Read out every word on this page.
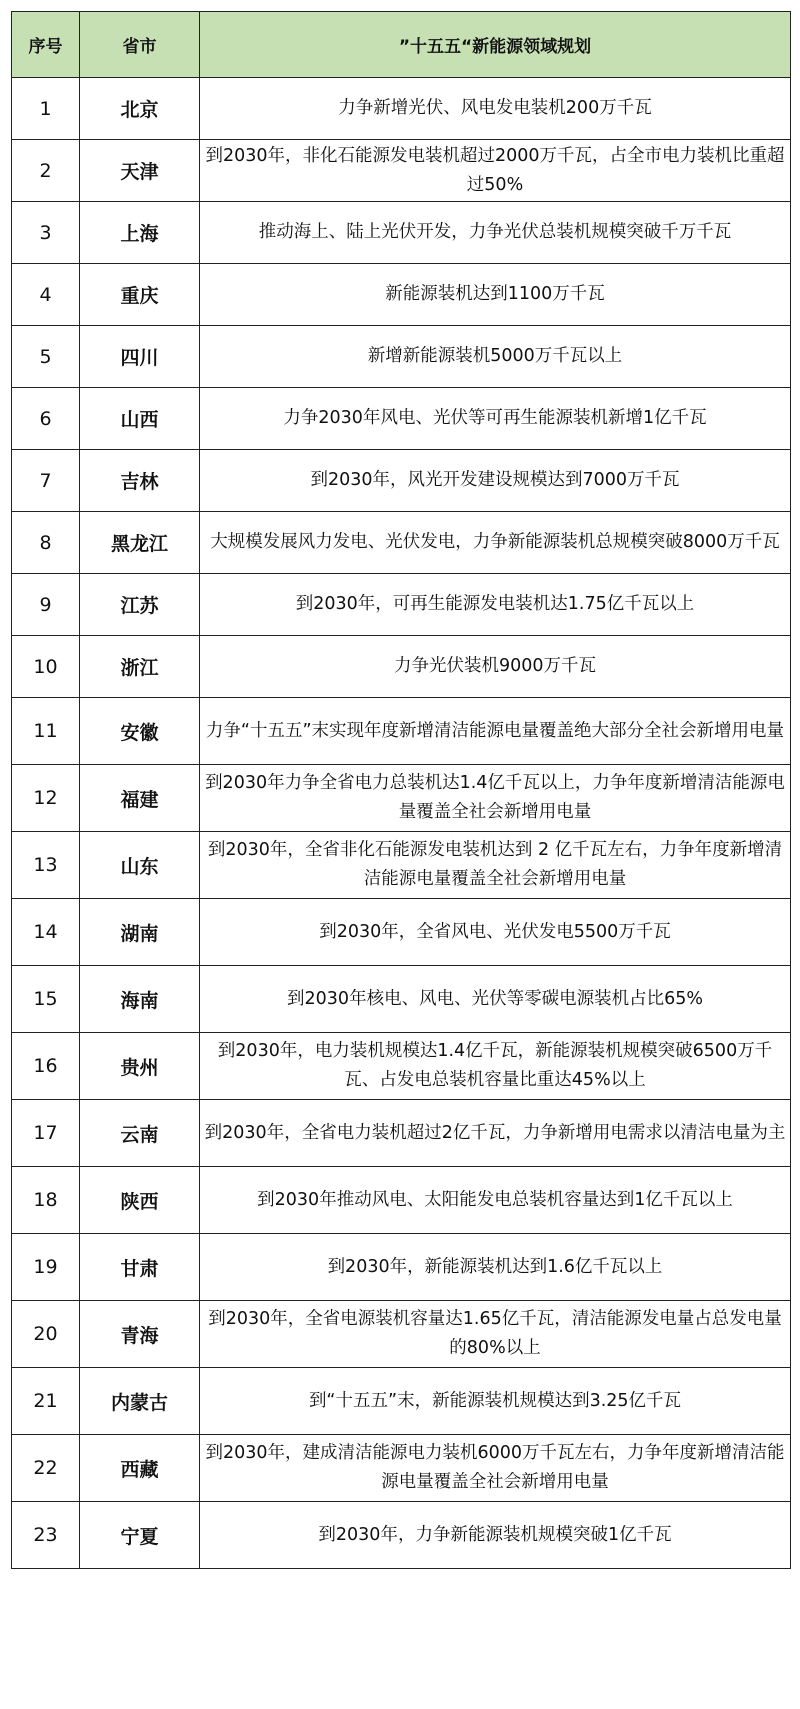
序号	省市	”十五五“新能源领域规划
1	北京	力争新增光伏、风电发电装机200万千瓦
2	天津	到2030年，非化石能源发电装机超过2000万千瓦，占全市电力装机比重超过50%
3	上海	推动海上、陆上光伏开发，力争光伏总装机规模突破千万千瓦
4	重庆	新能源装机达到1100万千瓦
5	四川	新增新能源装机5000万千瓦以上
6	山西	力争2030年风电、光伏等可再生能源装机新增1亿千瓦
7	吉林	到2030年，风光开发建设规模达到7000万千瓦
8	黑龙江	大规模发展风力发电、光伏发电，力争新能源装机总规模突破8000万千瓦
9	江苏	到2030年，可再生能源发电装机达1.75亿千瓦以上
10	浙江	力争光伏装机9000万千瓦
11	安徽	力争“十五五”末实现年度新增清洁能源电量覆盖绝大部分全社会新增用电量
12	福建	到2030年力争全省电力总装机达1.4亿千瓦以上，力争年度新增清洁能源电量覆盖全社会新增用电量
13	山东	到2030年，全省非化石能源发电装机达到 2 亿千瓦左右，力争年度新增清洁能源电量覆盖全社会新增用电量
14	湖南	到2030年，全省风电、光伏发电5500万千瓦
15	海南	到2030年核电、风电、光伏等零碳电源装机占比65%
16	贵州	到2030年，电力装机规模达1.4亿千瓦，新能源装机规模突破6500万千瓦、占发电总装机容量比重达45%以上
17	云南	到2030年，全省电力装机超过2亿千瓦，力争新增用电需求以清洁电量为主
18	陕西	到2030年推动风电、太阳能发电总装机容量达到1亿千瓦以上
19	甘肃	到2030年，新能源装机达到1.6亿千瓦以上
20	青海	到2030年，全省电源装机容量达1.65亿千瓦，清洁能源发电量占总发电量的80%以上
21	内蒙古	到“十五五”末，新能源装机规模达到3.25亿千瓦
22	西藏	到2030年，建成清洁能源电力装机6000万千瓦左右，力争年度新增清洁能源电量覆盖全社会新增用电量
23	宁夏	到2030年，力争新能源装机规模突破1亿千瓦
